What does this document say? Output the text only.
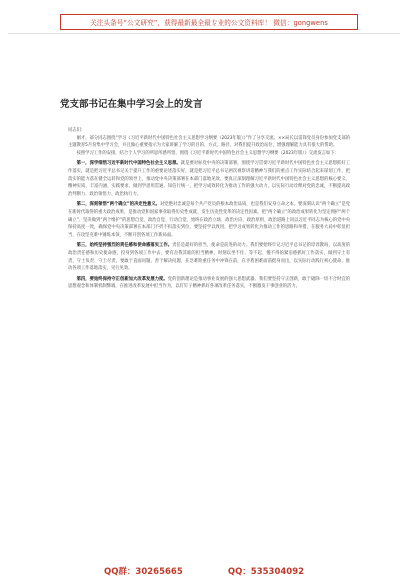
关注头条号“公文研究”，获得最新最全最专业的公文资料库！ 微信：gongwens
党支部书记在集中学习会上的发言

同志们：

刚才，部分同志围绕“学习《习近平新时代中国特色社会主义思想学习纲要（2023年版）》”作了分享交流。××局长以雷锋党员身份参加党支部的主题教育5月份集中学习会，并且做心重要指示为大家讲解了学习的目的、方式、路径，对我们提升政治站位、增强理解能力具有很大的帮助。

按照学习工作的安排，结合个人学习的所思所感所悟，围绕《习近平新时代中国特色社会主义思想学习纲要（2023年版）》交流发言如下：

第一，深学细悟习近平新时代中国特色社会主义思想。就是要对标党中央的决策部署，围绕学习贯彻习近平新时代中国特色社会主义思想抓好工作落实，就是把习近平总书记关于提升工作的重要论述落实好，就是把习近平总书记两次视察讲话精神与我们的重点工作实际结合起来谋划工作，把落实的能力落在健全运转和党的领导上，推动党中央决策部署在本部门落地见效。要真正深刻理解习近平新时代中国特色社会主义思想的核心要义、精神实质、丰富内涵、实践要求，做到学思用贯通、知信行统一，把学习成效转化为推动工作的强大动力，以实际行动诠释对党的忠诚，不断提高政治判断力、政治领悟力、政治执行力。

第二，深刻领悟“两个确立”的决定性意义。对党绝对忠诚是每个共产党员的根本政治品质，也是我们安身立命之本。要深刻认识“两个确立”是党在新时代取得的重大政治成果，是推动党和国家事业取得历史性成就、发生历史性变革的决定性因素，把“两个确立”的政治成果转化为坚定拥护“两个确立”、坚决做到“两个维护”的思想自觉、政治自觉、行动自觉，始终在政治立场、政治方向、政治原则、政治道路上同以习近平同志为核心的党中央保持高度一致，确保党中央决策部署在本部门不折不扣落实到位。要坚持学以致用，把学习成果转化为推动工作的思路和举措，在服务大局中彰显担当、在攻坚克难中锤炼本领，不断开创各项工作新局面。

第三，始终坚持强烈的责任感和使命感落实工作。责任是最好的担当，使命是前进的动力。我们要始终牢记习近平总书记的谆谆教诲，以高度的政治责任感和历史使命感，投身到各项工作中去，要有舍我其谁的担当精神，时刻以坐不住、等不起、慢不得的紧迫感抓好工作落实，做到守土有责、守土负责、守土尽责。要敢于直面问题、善于解决问题，在急难险重任务中冲锋在前，在矛盾困难面前挺身而出，以实际行动践行初心使命，推动各项工作落地落实、见行见效。

第四，要始终保持守正创新加大改革发展力度。党的创新理论是推动事业发展的强大思想武器。我们要坚持守正创新，敢于破除一切不合时宜的思想观念和体制机制弊端，在推进改革发展中担当作为，以钉钉子精神抓好各项改革任务落实，不断激发干事创业的活力。

QQ群：30265665	QQ：535304092
